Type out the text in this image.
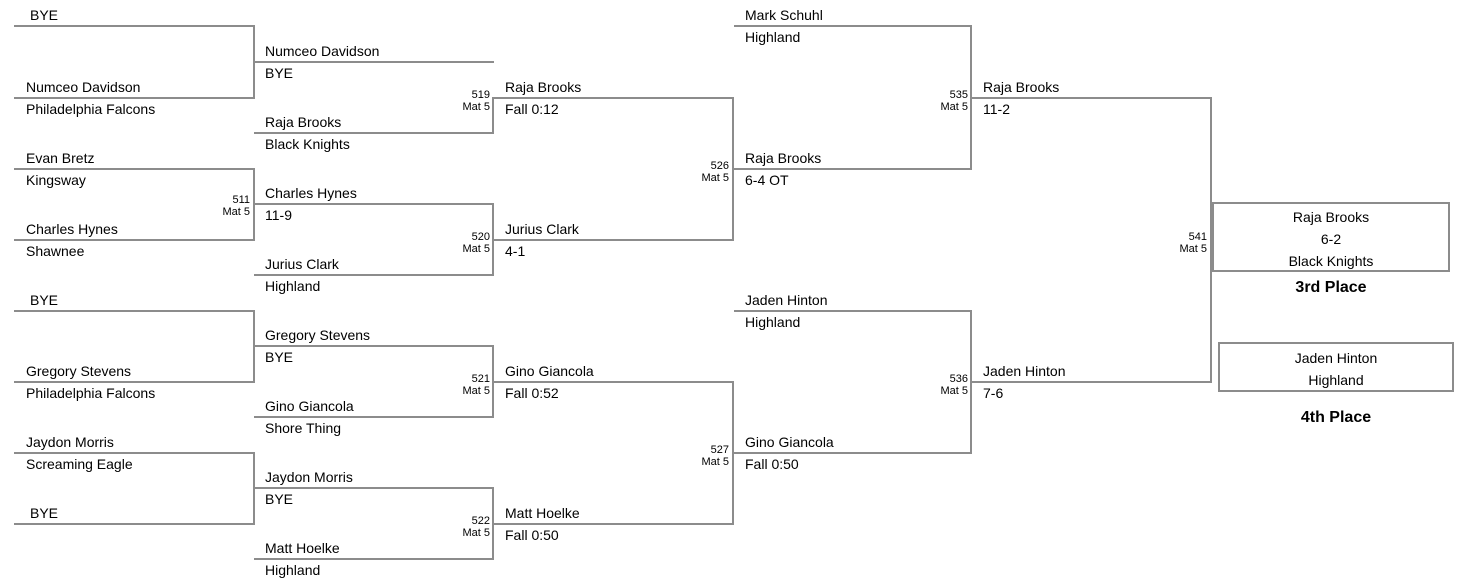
BYE
Numceo Davidson
Philadelphia Falcons
Evan Bretz
Kingsway
Charles Hynes
Shawnee
BYE
Gregory Stevens
Philadelphia Falcons
Jaydon Morris
Screaming Eagle
BYE
Numceo Davidson
BYE
Raja Brooks
Black Knights
Charles Hynes
11-9
Jurius Clark
Highland
Gregory Stevens
BYE
Gino Giancola
Shore Thing
Jaydon Morris
BYE
Matt Hoelke
Highland
Raja Brooks
Fall 0:12
Jurius Clark
4-1
Gino Giancola
Fall 0:52
Matt Hoelke
Fall 0:50
Mark Schuhl
Highland
Raja Brooks
6-4 OT
Jaden Hinton
Highland
Gino Giancola
Fall 0:50
Raja Brooks
11-2
Jaden Hinton
7-6
511
Mat 5
519
Mat 5
520
Mat 5
521
Mat 5
522
Mat 5
526
Mat 5
527
Mat 5
535
Mat 5
536
Mat 5
541
Mat 5
Raja Brooks
6-2
Black Knights
3rd Place
Jaden Hinton
Highland
4th Place
